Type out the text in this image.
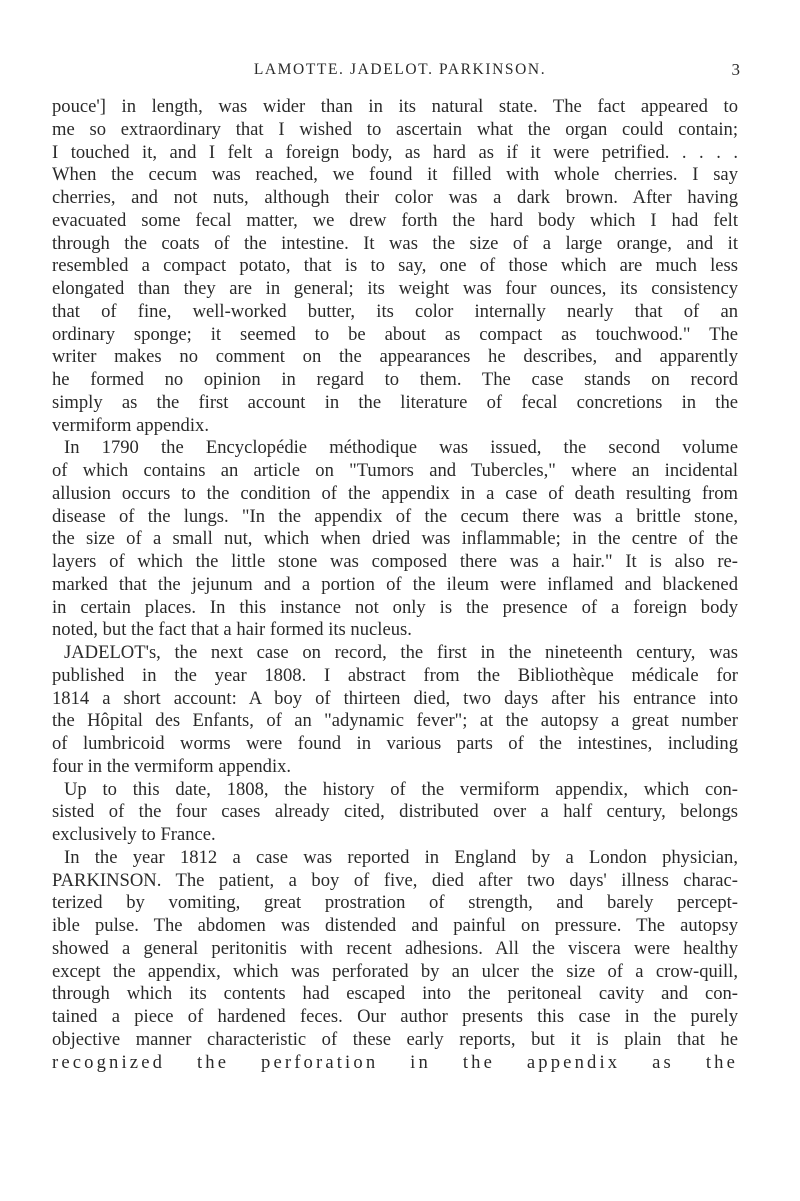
LAMOTTE. JADELOT. PARKINSON.	3
pouce'] in length, was wider than in its natural state. The fact appeared to
me so extraordinary that I wished to ascertain what the organ could contain;
I touched it, and I felt a foreign body, as hard as if it were petrified. . . . .
When the cecum was reached, we found it filled with whole cherries. I say
cherries, and not nuts, although their color was a dark brown. After having
evacuated some fecal matter, we drew forth the hard body which I had felt
through the coats of the intestine. It was the size of a large orange, and it
resembled a compact potato, that is to say, one of those which are much less
elongated than they are in general; its weight was four ounces, its consistency
that of fine, well-worked butter, its color internally nearly that of an
ordinary sponge; it seemed to be about as compact as touchwood." The
writer makes no comment on the appearances he describes, and apparently
he formed no opinion in regard to them. The case stands on record
simply as the first account in the literature of fecal concretions in the
vermiform appendix.
In 1790 the Encyclopédie méthodique was issued, the second volume
of which contains an article on "Tumors and Tubercles," where an incidental
allusion occurs to the condition of the appendix in a case of death resulting from
disease of the lungs. "In the appendix of the cecum there was a brittle stone,
the size of a small nut, which when dried was inflammable; in the centre of the
layers of which the little stone was composed there was a hair." It is also re-
marked that the jejunum and a portion of the ileum were inflamed and blackened
in certain places. In this instance not only is the presence of a foreign body
noted, but the fact that a hair formed its nucleus.
JADELOT's, the next case on record, the first in the nineteenth century, was
published in the year 1808. I abstract from the Bibliothèque médicale for
1814 a short account: A boy of thirteen died, two days after his entrance into
the Hôpital des Enfants, of an "adynamic fever"; at the autopsy a great number
of lumbricoid worms were found in various parts of the intestines, including
four in the vermiform appendix.
Up to this date, 1808, the history of the vermiform appendix, which con-
sisted of the four cases already cited, distributed over a half century, belongs
exclusively to France.
In the year 1812 a case was reported in England by a London physician,
PARKINSON. The patient, a boy of five, died after two days' illness charac-
terized by vomiting, great prostration of strength, and barely percept-
ible pulse. The abdomen was distended and painful on pressure. The autopsy
showed a general peritonitis with recent adhesions. All the viscera were healthy
except the appendix, which was perforated by an ulcer the size of a crow-quill,
through which its contents had escaped into the peritoneal cavity and con-
tained a piece of hardened feces. Our author presents this case in the purely
objective manner characteristic of these early reports, but it is plain that he
recognized the perforation in the appendix as the
